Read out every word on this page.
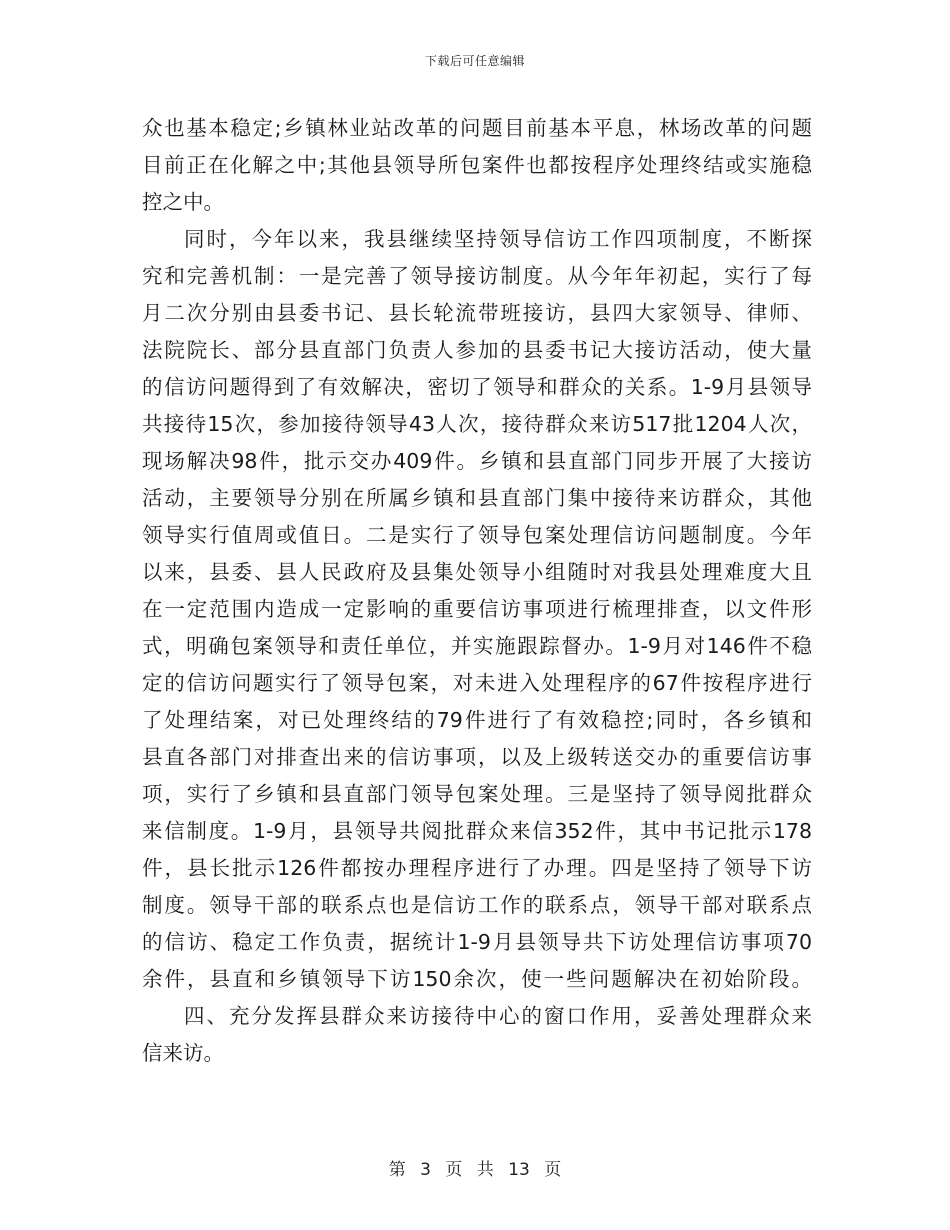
下载后可任意编辑
众也基本稳定;乡镇林业站改革的问题目前基本平息，林场改革的问题
目前正在化解之中;其他县领导所包案件也都按程序处理终结或实施稳
控之中。
同时，今年以来，我县继续坚持领导信访工作四项制度，不断探
究和完善机制：一是完善了领导接访制度。从今年年初起，实行了每
月二次分别由县委书记、县长轮流带班接访，县四大家领导、律师、
法院院长、部分县直部门负责人参加的县委书记大接访活动，使大量
的信访问题得到了有效解决，密切了领导和群众的关系。1-9月县领导
共接待15次，参加接待领导43人次，接待群众来访517批1204人次，
现场解决98件，批示交办409件。乡镇和县直部门同步开展了大接访
活动，主要领导分别在所属乡镇和县直部门集中接待来访群众，其他
领导实行值周或值日。二是实行了领导包案处理信访问题制度。今年
以来，县委、县人民政府及县集处领导小组随时对我县处理难度大且
在一定范围内造成一定影响的重要信访事项进行梳理排查，以文件形
式，明确包案领导和责任单位，并实施跟踪督办。1-9月对146件不稳
定的信访问题实行了领导包案，对未进入处理程序的67件按程序进行
了处理结案，对已处理终结的79件进行了有效稳控;同时，各乡镇和
县直各部门对排查出来的信访事项，以及上级转送交办的重要信访事
项，实行了乡镇和县直部门领导包案处理。三是坚持了领导阅批群众
来信制度。1-9月，县领导共阅批群众来信352件，其中书记批示178
件，县长批示126件都按办理程序进行了办理。四是坚持了领导下访
制度。领导干部的联系点也是信访工作的联系点，领导干部对联系点
的信访、稳定工作负责，据统计1-9月县领导共下访处理信访事项70
余件，县直和乡镇领导下访150余次，使一些问题解决在初始阶段。
四、充分发挥县群众来访接待中心的窗口作用，妥善处理群众来
信来访。
第 3 页 共 13 页
